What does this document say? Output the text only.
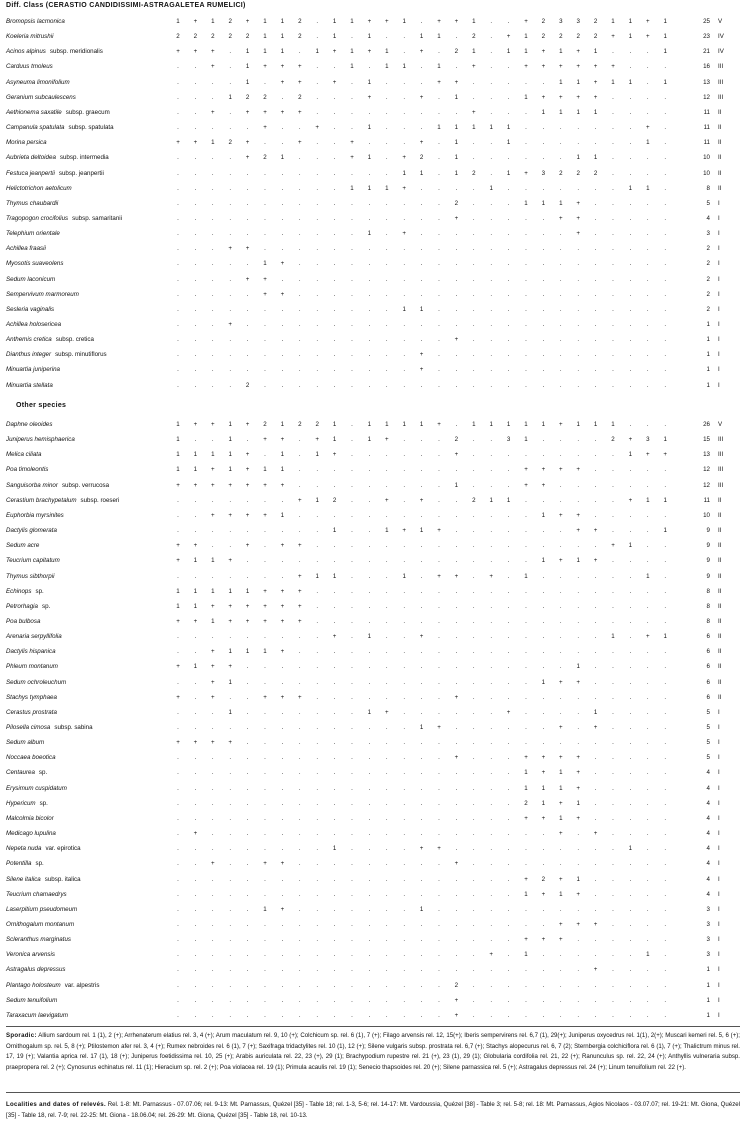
Diff. Class (CERASTIO CANDIDISSIMI-ASTRAGALETEA RUMELICI)
Bromopsis lacmonica	1	+	1	2	+	1	1	2	.	1	1	+	+	1	.	+	+	1	.	.	+	2	3	3	2	1	1	+	1	25 V
Koeleria mitrushii	2	2	2	2	2	1	1	2	.	1	.	1	.	.	1	1	.	2	.	+	1	2	2	2	2	+	1	+	1	23 IV
Acinos alpinus subsp. meridionalis	+	+	+	.	1	1	1	.	1	+	1	+	1	.	+	.	2	1	.	1	1	+	1	+	1	.	.	.	1	21 IV
Carduus tmoleus	.	.	+	.	1	+	+	+	.	.	1	.	1	1	.	1	.	+	.	.	+	+	+	+	+	+	.	.	.	16 III
Asyneuma limonifolium	.	.	.	.	1	.	+	+	.	+	.	1	.	.	.	+	+	.	.	.	.	.	1	1	+	1	1	.	1	13 III
Geranium subcaulescens	.	.	.	1	2	2	.	2	.	.	.	+	.	.	+	.	1	.	.	.	1	+	+	+	+	.	.	.	.	12 III
Aethionema saxatile subsp. graecum	.	.	+	.	+	+	+	+	.	.	.	.	.	.	.	.	.	+	.	.	.	1	1	1	1	.	.	.	.	11 II
Campanula spatulata subsp. spatulata	.	.	.	.	.	+	.	.	+	.	.	1	.	.	.	1	1	1	1	1	.	.	.	.	.	.	.	+	.	11 II
Morina persica	+	+	1	2	+	.	.	+	.	.	+	.	.	.	+	.	1	.	.	1	.	.	.	.	.	.	.	1	.	11 II
Aubrieta deltoidea subsp. intermedia	.	.	.	.	+	2	1	.	.	.	+	1	.	+	2	.	1	.	.	.	.	.	.	1	1	.	.	.	.	10 II
Festuca jeanpertii subsp. jeanpertii	.	.	.	.	.	.	.	.	.	.	.	.	.	1	1	.	1	2	.	1	+	3	2	2	2	.	.	.	.	10 II
Helictotrichon aetolicum	.	.	.	.	.	.	.	.	.	.	1	1	1	+	.	.	.	.	1	.	.	.	.	.	.	.	1	1	.	8 II
Thymus chaubardii	.	.	.	.	.	.	.	.	.	.	.	.	.	.	.	.	2	.	.	.	1	1	1	+	.	.	.	.	.	5 I
Tragopogon crocifolius subsp. samaritanii	.	.	.	.	.	.	.	.	.	.	.	.	.	.	.	.	+	.	.	.	.	.	+	+	.	.	.	.	.	4 I
Telephium orientale	.	.	.	.	.	.	.	.	.	.	.	1	.	+	.	.	.	.	.	.	.	.	.	+	.	.	.	.	.	3 I
Achillea fraasii	.	.	.	+	+	.	.	.	.	.	.	.	.	.	.	.	.	.	.	.	.	.	.	.	.	.	.	.	.	2 I
Myosotis suaveolens	.	.	.	.	.	1	+	.	.	.	.	.	.	.	.	.	.	.	.	.	.	.	.	.	.	.	.	.	.	2 I
Sedum laconicum	.	.	.	.	+	+	.	.	.	.	.	.	.	.	.	.	.	.	.	.	.	.	.	.	.	.	.	.	.	2 I
Sempervivum marmoreum	.	.	.	.	.	+	+	.	.	.	.	.	.	.	.	.	.	.	.	.	.	.	.	.	.	.	.	.	.	2 I
Sesleria vaginalis	.	.	.	.	.	.	.	.	.	.	.	.	.	1	1	.	.	.	.	.	.	.	.	.	.	.	.	.	.	2 I
Achillea holosericea	.	.	.	+	.	.	.	.	.	.	.	.	.	.	.	.	.	.	.	.	.	.	.	.	.	.	.	.	.	1 I
Anthemis cretica subsp. cretica	.	.	.	.	.	.	.	.	.	.	.	.	.	.	.	.	+	.	.	.	.	.	.	.	.	.	.	.	.	1 I
Dianthus integer subsp. minutiflorus	.	.	.	.	.	.	.	.	.	.	.	.	.	.	+	.	.	.	.	.	.	.	.	.	.	.	.	.	.	1 I
Minuartia juniperina	.	.	.	.	.	.	.	.	.	.	.	.	.	.	+	.	.	.	.	.	.	.	.	.	.	.	.	.	.	1 I
Minuartia stellata	.	.	.	.	2	.	.	.	.	.	.	.	.	.	.	.	.	.	.	.	.	.	.	.	.	.	.	.	.	1 I
Other species
Daphne oleoides	1	+	+	1	+	2	1	2	2	1	.	1	1	1	1	+	.	1	1	1	1	1	+	1	1	1	.	.	.	26 V
Juniperus hemisphaerica	1	.	.	1	.	+	+	.	+	1	.	1	+	.	.	.	2	.	.	3	1	.	.	.	.	2	+	3	1	15 III
Melica ciliata	1	1	1	1	+	.	1	.	1	+	.	.	.	.	.	.	+	.	.	.	.	.	.	.	.	.	1	+	+	13 III
Poa timoleontis	1	1	+	1	+	1	1	.	.	.	.	.	.	.	.	.	.	.	.	.	+	+	+	+	.	.	.	.	.	12 III
Sanguisorba minor subsp. verrucosa	+	+	+	+	+	+	+	.	.	.	.	.	.	.	.	.	1	.	.	.	+	+	.	.	.	.	.	.	.	12 III
Cerastium brachypetalum subsp. roeseri	.	.	.	.	.	.	.	+	1	2	.	.	+	.	+	.	.	2	1	1	.	.	.	.	.	.	+	1	1	11 II
Euphorbia myrsinites	.	.	+	+	+	+	1	.	.	.	.	.	.	.	.	.	.	.	.	.	.	1	+	+	.	.	.	.	.	10 II
Dactylis glomerata	.	.	.	.	.	.	.	.	.	1	.	.	1	+	1	+	.	.	.	.	.	.	.	+	+	.	.	.	1	9 II
Sedum acre	+	+	.	.	+	.	+	+	.	.	.	.	.	.	.	.	.	.	.	.	.	.	.	.	.	+	1	.	.	9 II
Teucrium capitatum	+	1	1	+	.	.	.	.	.	.	.	.	.	.	.	.	.	.	.	.	.	1	+	1	+	.	.	.	.	9 II
Thymus sibthorpii	.	.	.	.	.	.	.	+	1	1	.	.	.	1	.	+	+	.	+	.	1	.	.	.	.	.	.	1	.	9 II
Echinops sp.	1	1	1	1	1	+	+	+	.	.	.	.	.	.	.	.	.	.	.	.	.	.	.	.	.	.	.	.	.	8 II
Petrorhagia sp.	1	1	+	+	+	+	+	+	.	.	.	.	.	.	.	.	.	.	.	.	.	.	.	.	.	.	.	.	.	8 II
Poa bulbosa	+	+	1	+	+	+	+	+	.	.	.	.	.	.	.	.	.	.	.	.	.	.	.	.	.	.	.	.	.	8 II
Arenaria serpyllifolia	.	.	.	.	.	.	.	.	.	+	.	1	.	.	+	.	.	.	.	.	.	.	.	.	.	1	.	+	1	6 II
Dactylis hispanica	.	.	+	1	1	1	+	.	.	.	.	.	.	.	.	.	.	.	.	.	.	.	.	.	.	.	.	.	.	6 II
Phleum montanum	+	1	+	+	.	.	.	.	.	.	.	.	.	.	.	.	.	.	.	.	.	.	.	1	.	.	.	.	.	6 II
Sedum ochroleuchum	.	.	+	1	.	.	.	.	.	.	.	.	.	.	.	.	.	.	.	.	.	1	+	+	.	.	.	.	.	6 II
Stachys tymphaea	+	.	+	.	.	+	+	+	.	.	.	.	.	.	.	.	+	.	.	.	.	.	.	.	.	.	.	.	.	6 II
Cerastus prostrata	.	.	.	1	.	.	.	.	.	.	.	1	+	.	.	.	.	.	.	+	.	.	.	.	1	.	.	.	.	5 I
Pilosella cimosa subsp. sabina	.	.	.	.	.	.	.	.	.	.	.	.	.	.	1	+	.	.	.	.	.	.	+	.	+	.	.	.	.	5 I
Sedum album	+	+	+	+	.	.	.	.	.	.	.	.	.	.	.	.	.	.	.	.	.	.	.	.	.	.	.	.	.	5 I
Noccaea boeotica	.	.	.	.	.	.	.	.	.	.	.	.	.	.	.	.	+	.	.	.	+	+	+	+	.	.	.	.	.	5 I
Centaurea sp.	.	.	.	.	.	.	.	.	.	.	.	.	.	.	.	.	.	.	.	.	1	+	1	+	.	.	.	.	.	4 I
Erysimum cuspidatum	.	.	.	.	.	.	.	.	.	.	.	.	.	.	.	.	.	.	.	.	1	1	1	+	.	.	.	.	.	4 I
Hypericum sp.	.	.	.	.	.	.	.	.	.	.	.	.	.	.	.	.	.	.	.	.	2	1	+	1	.	.	.	.	.	4 I
Malcolmia bicolor	.	.	.	.	.	.	.	.	.	.	.	.	.	.	.	.	.	.	.	.	+	+	1	+	.	.	.	.	.	4 I
Medicago lupulina	.	+	.	.	.	.	.	.	.	.	.	.	.	.	.	.	.	.	.	.	.	.	+	.	+	.	.	.	.	4 I
Nepeta nuda var. epirotica	.	.	.	.	.	.	.	.	.	1	.	.	.	.	+	+	.	.	.	.	.	.	.	.	.	.	1	.	.	4 I
Potentilla sp.	.	.	+	.	.	+	+	.	.	.	.	.	.	.	.	.	+	.	.	.	.	.	.	.	.	.	.	.	.	4 I
Silene italica subsp. italica	.	.	.	.	.	.	.	.	.	.	.	.	.	.	.	.	.	.	.	.	+	2	+	1	.	.	.	.	.	4 I
Teucrium chamaedrys	.	.	.	.	.	.	.	.	.	.	.	.	.	.	.	.	.	.	.	.	1	+	1	+	.	.	.	.	.	4 I
Laserpitium pseudomeum	.	.	.	.	.	1	+	.	.	.	.	.	.	.	1	.	.	.	.	.	.	.	.	.	.	.	.	.	.	3 I
Ornithogalum montanum	.	.	.	.	.	.	.	.	.	.	.	.	.	.	.	.	.	.	.	.	.	.	+	+	+	.	.	.	.	3 I
Scleranthus marginatus	.	.	.	.	.	.	.	.	.	.	.	.	.	.	.	.	.	.	.	.	+	+	+	.	.	.	.	.	.	3 I
Veronica arvensis	.	.	.	.	.	.	.	.	.	.	.	.	.	.	.	.	.	.	+	.	1	.	.	.	.	.	.	1	.	3 I
Astragalus depressus	.	.	.	.	.	.	.	.	.	.	.	.	.	.	.	.	.	.	.	.	.	.	.	.	+	.	.	.	.	1 I
Plantago holosteum var. alpestris	.	.	.	.	.	.	.	.	.	.	.	.	.	.	.	.	2	.	.	.	.	.	.	.	.	.	.	.	.	1 I
Sedum tenuifolium	.	.	.	.	.	.	.	.	.	.	.	.	.	.	.	.	+	.	.	.	.	.	.	.	.	.	.	.	.	1 I
Taraxacum laevigatum	.	.	.	.	.	.	.	.	.	.	.	.	.	.	.	.	+	.	.	.	.	.	.	.	.	.	.	.	.	1 I
Sporadic: Allium sardoum rel. 1 (1), 2 (+); Arrhenaterum elatius rel. 3, 4 (+); Arum maculatum rel. 9, 10 (+); Colchicum sp. rel. 6 (1), 7 (+); Filago arvensis rel. 12, 15(+); Iberis sempervirens rel. 6,7 (1), 29(+); Juniperus oxycedrus rel. 1(1), 2(+); Muscari kemeri rel. 5, 6 (+); Ornithogalum sp. rel. 5, 8 (+); Ptilostemon afer rel. 3, 4 (+); Rumex nebroides rel. 6 (1), 7 (+); Saxifraga tridactylites rel. 10 (1), 12 (+); Silene vulgaris subsp. prostrata rel. 6,7 (+); Stachys alopecurus rel. 6, 7 (2); Sternbergia colchiciflora rel. 6 (1), 7 (+); Thalictrum minus rel. 17, 19 (+); Valantia aprica rel. 17 (1), 18 (+); Juniperus foetidissima rel. 10, 25 (+); Arabis auriculata rel. 22, 23 (+), 29 (1); Brachypodium rupestre rel. 21 (+), 23 (1), 29 (1); Globularia cordifolia rel. 21, 22 (+); Ranunculus sp. rel. 22, 24 (+); Anthyllis vulneraria subsp. praepropera rel. 2 (+); Cynosurus echinatus rel. 11 (1); Hieracium sp. rel. 2 (+); Poa violacea rel. 19 (1); Primula acaulis rel. 19 (1); Senecio thapsoides rel. 20 (+); Silene parnassica rel. 5 (+); Astragalus depressus rel. 24 (+); Linum tenuifolium rel. 22 (+).
Localities and dates of relevés. Rel. 1-8: Mt. Parnassus - 07.07.06; rel. 9-13: Mt. Parnassus, Quézel [35] - Table 18; rel. 1-3, 5-6; rel. 14-17: Mt. Vardoussia, Quézel [38] - Table 3; rel. 5-8; rel. 18: Mt. Parnassus, Agios Nicolaos - 03.07.07; rel. 19-21: Mt. Giona, Quézel [35] - Table 18, rel. 7-9; rel. 22-25: Mt. Giona - 18.06.04; rel. 26-29: Mt. Giona, Quézel [35] - Table 18, rel. 10-13.
